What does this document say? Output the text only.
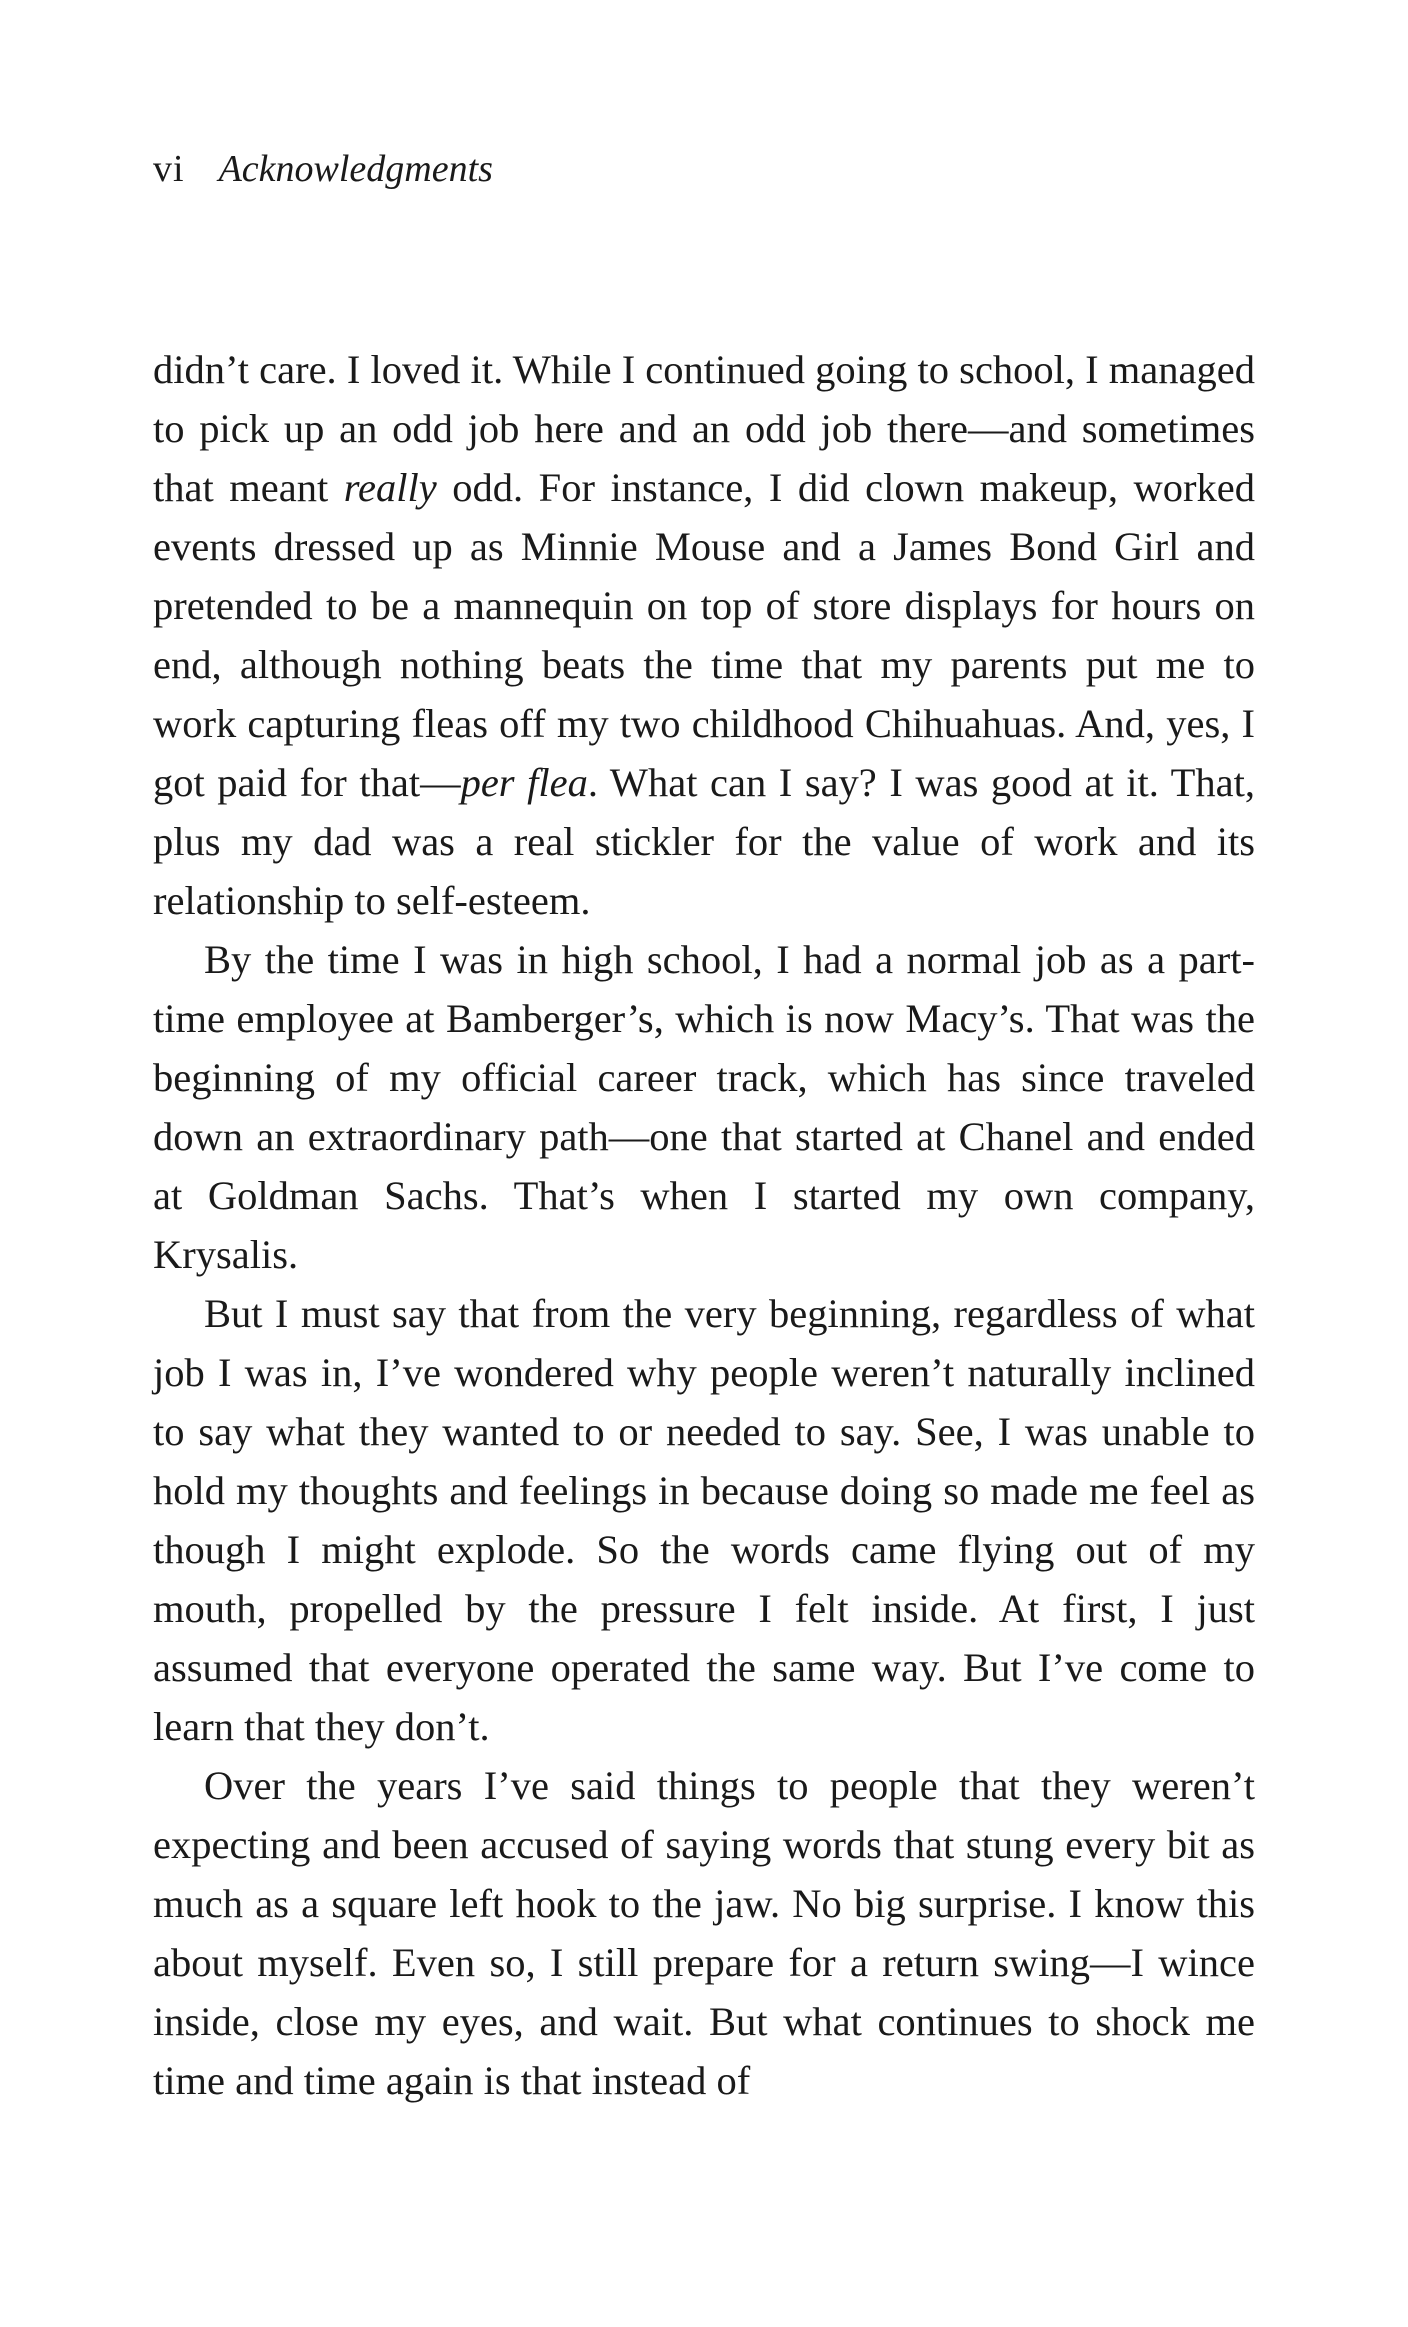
vi Acknowledgments

didn’t care. I loved it. While I continued going to school, I managed to pick up an odd job here and an odd job there—and sometimes that meant really odd. For instance, I did clown makeup, worked events dressed up as Minnie Mouse and a James Bond Girl and pretended to be a mannequin on top of store displays for hours on end, although nothing beats the time that my parents put me to work capturing fleas off my two childhood Chihuahuas. And, yes, I got paid for that—per flea. What can I say? I was good at it. That, plus my dad was a real stickler for the value of work and its relationship to self-esteem.

By the time I was in high school, I had a normal job as a part-time employee at Bamberger’s, which is now Macy’s. That was the beginning of my official career track, which has since traveled down an extraordinary path—one that started at Chanel and ended at Goldman Sachs. That’s when I started my own company, Krysalis.

But I must say that from the very beginning, regardless of what job I was in, I’ve wondered why people weren’t naturally inclined to say what they wanted to or needed to say. See, I was unable to hold my thoughts and feelings in because doing so made me feel as though I might explode. So the words came flying out of my mouth, propelled by the pressure I felt inside. At first, I just assumed that everyone operated the same way. But I’ve come to learn that they don’t.

Over the years I’ve said things to people that they weren’t expecting and been accused of saying words that stung every bit as much as a square left hook to the jaw. No big surprise. I know this about myself. Even so, I still prepare for a return swing—I wince inside, close my eyes, and wait. But what continues to shock me time and time again is that instead of
